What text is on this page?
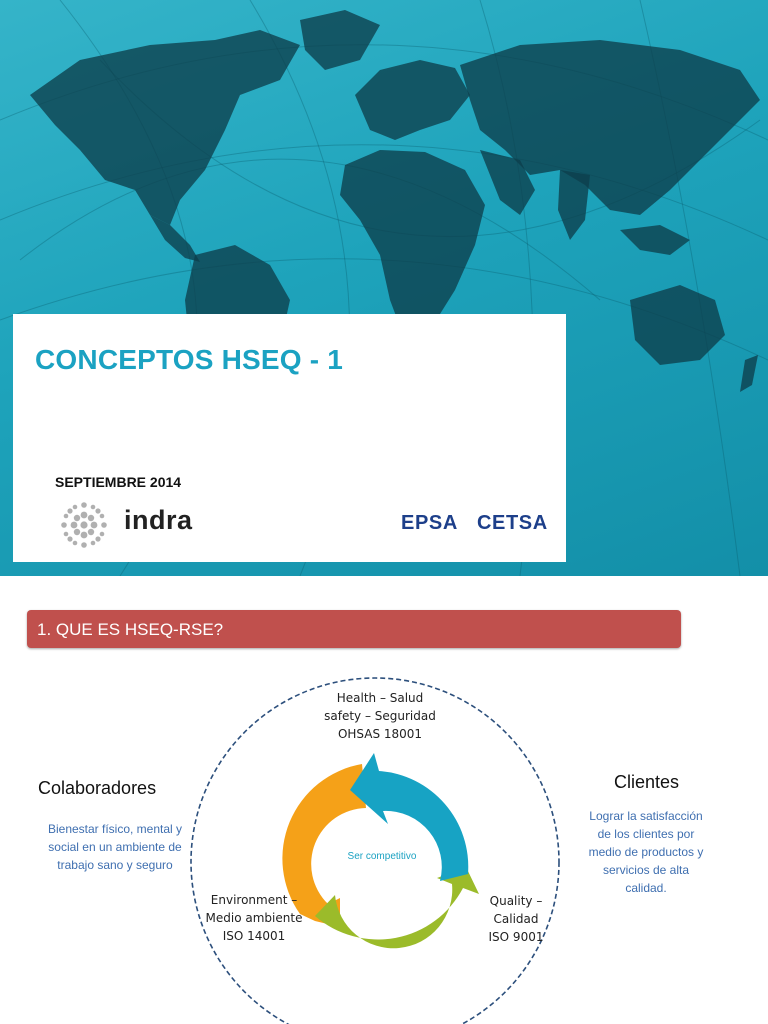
CONCEPTOS HSEQ - 1
SEPTIEMBRE 2014
indra	EPSA CETSA
1. QUE ES HSEQ-RSE?
Health – Salud
safety – Seguridad
OHSAS 18001
Environment –
Medio ambiente
ISO 14001
Quality –
Calidad
ISO 9001
Ser competitivo
Colaboradores
Bienestar físico, mental y
social en un ambiente de
trabajo sano y seguro
Clientes
Lograr la satisfacción
de los clientes por
medio de productos y
servicios de alta
calidad.
